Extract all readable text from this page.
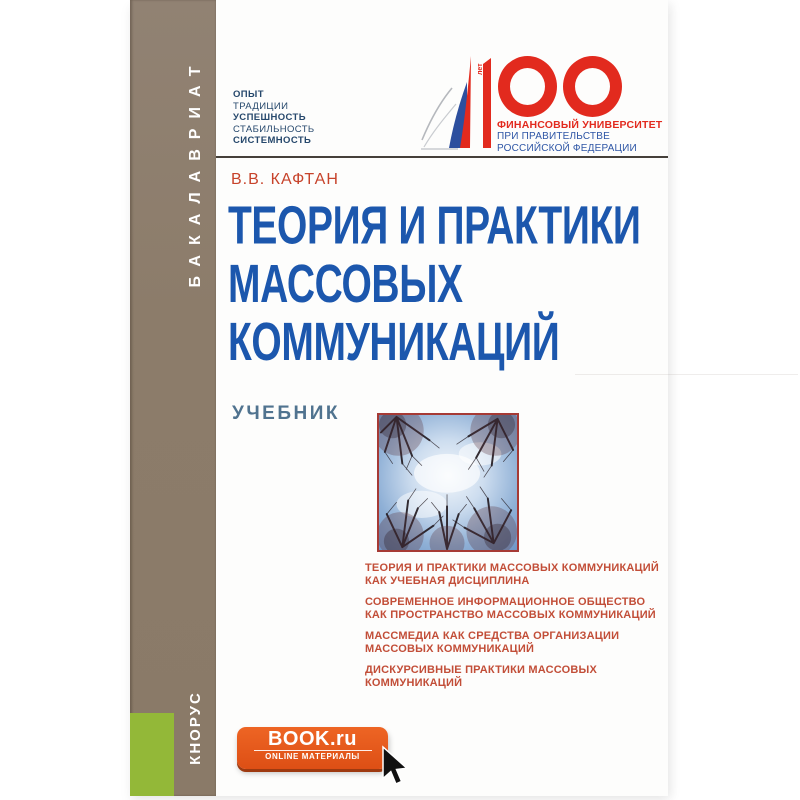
БАКАЛАВРИАТ
КНОРУС
ОПЫТ
ТРАДИЦИИ
УСПЕШНОСТЬ
СТАБИЛЬНОСТЬ
СИСТЕМНОСТЬ
лет
ФИНАНСОВЫЙ УНИВЕРСИТЕТ
ПРИ ПРАВИТЕЛЬСТВЕ
РОССИЙСКОЙ ФЕДЕРАЦИИ
В.В. КАФТАН
ТЕОРИЯ И ПРАКТИКИ
МАССОВЫХ
КОММУНИКАЦИЙ
УЧЕБНИК
ТЕОРИЯ И ПРАКТИКИ МАССОВЫХ КОММУНИКАЦИЙ
КАК УЧЕБНАЯ ДИСЦИПЛИНА
СОВРЕМЕННОЕ ИНФОРМАЦИОННОЕ ОБЩЕСТВО
КАК ПРОСТРАНСТВО МАССОВЫХ КОММУНИКАЦИЙ
МАССМЕДИА КАК СРЕДСТВА ОРГАНИЗАЦИИ
МАССОВЫХ КОММУНИКАЦИЙ
ДИСКУРСИВНЫЕ ПРАКТИКИ МАССОВЫХ
КОММУНИКАЦИЙ
BOOK.ru
ONLINE МАТЕРИАЛЫ
